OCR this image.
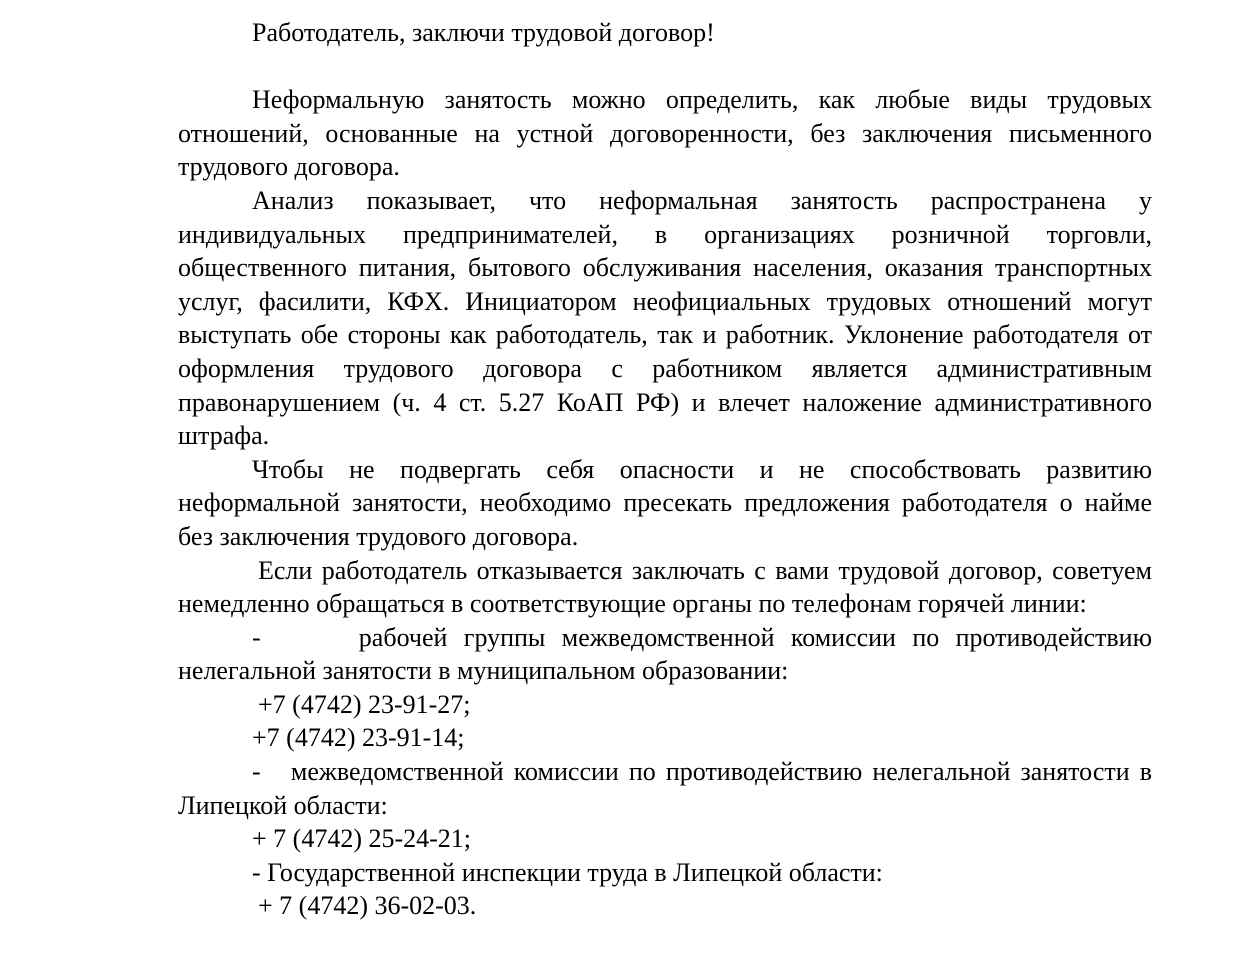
Работодатель, заключи трудовой договор!

Неформальную занятость можно определить, как любые виды трудовых отношений, основанные на устной договоренности, без заключения письменного трудового договора.

Анализ показывает, что неформальная занятость распространена у индивидуальных предпринимателей, в организациях розничной торговли, общественного питания, бытового обслуживания населения, оказания транспортных услуг, фасилити, КФХ. Инициатором неофициальных трудовых отношений могут выступать обе стороны как работодатель, так и работник. Уклонение работодателя от оформления трудового договора с работником является административным правонарушением (ч. 4 ст. 5.27 КоАП РФ) и влечет наложение административного штрафа.

Чтобы не подвергать себя опасности и не способствовать развитию неформальной занятости, необходимо пресекать предложения работодателя о найме без заключения трудового договора.

Если работодатель отказывается заключать с вами трудовой договор, советуем немедленно обращаться в соответствующие органы по телефонам горячей линии:

-      рабочей группы межведомственной комиссии по противодействию нелегальной занятости в муниципальном образовании:

+7 (4742) 23-91-27;

+7 (4742) 23-91-14;

-   межведомственной комиссии по противодействию нелегальной занятости в Липецкой области:

+ 7 (4742) 25-24-21;

- Государственной инспекции труда в Липецкой области:

+ 7 (4742) 36-02-03.
